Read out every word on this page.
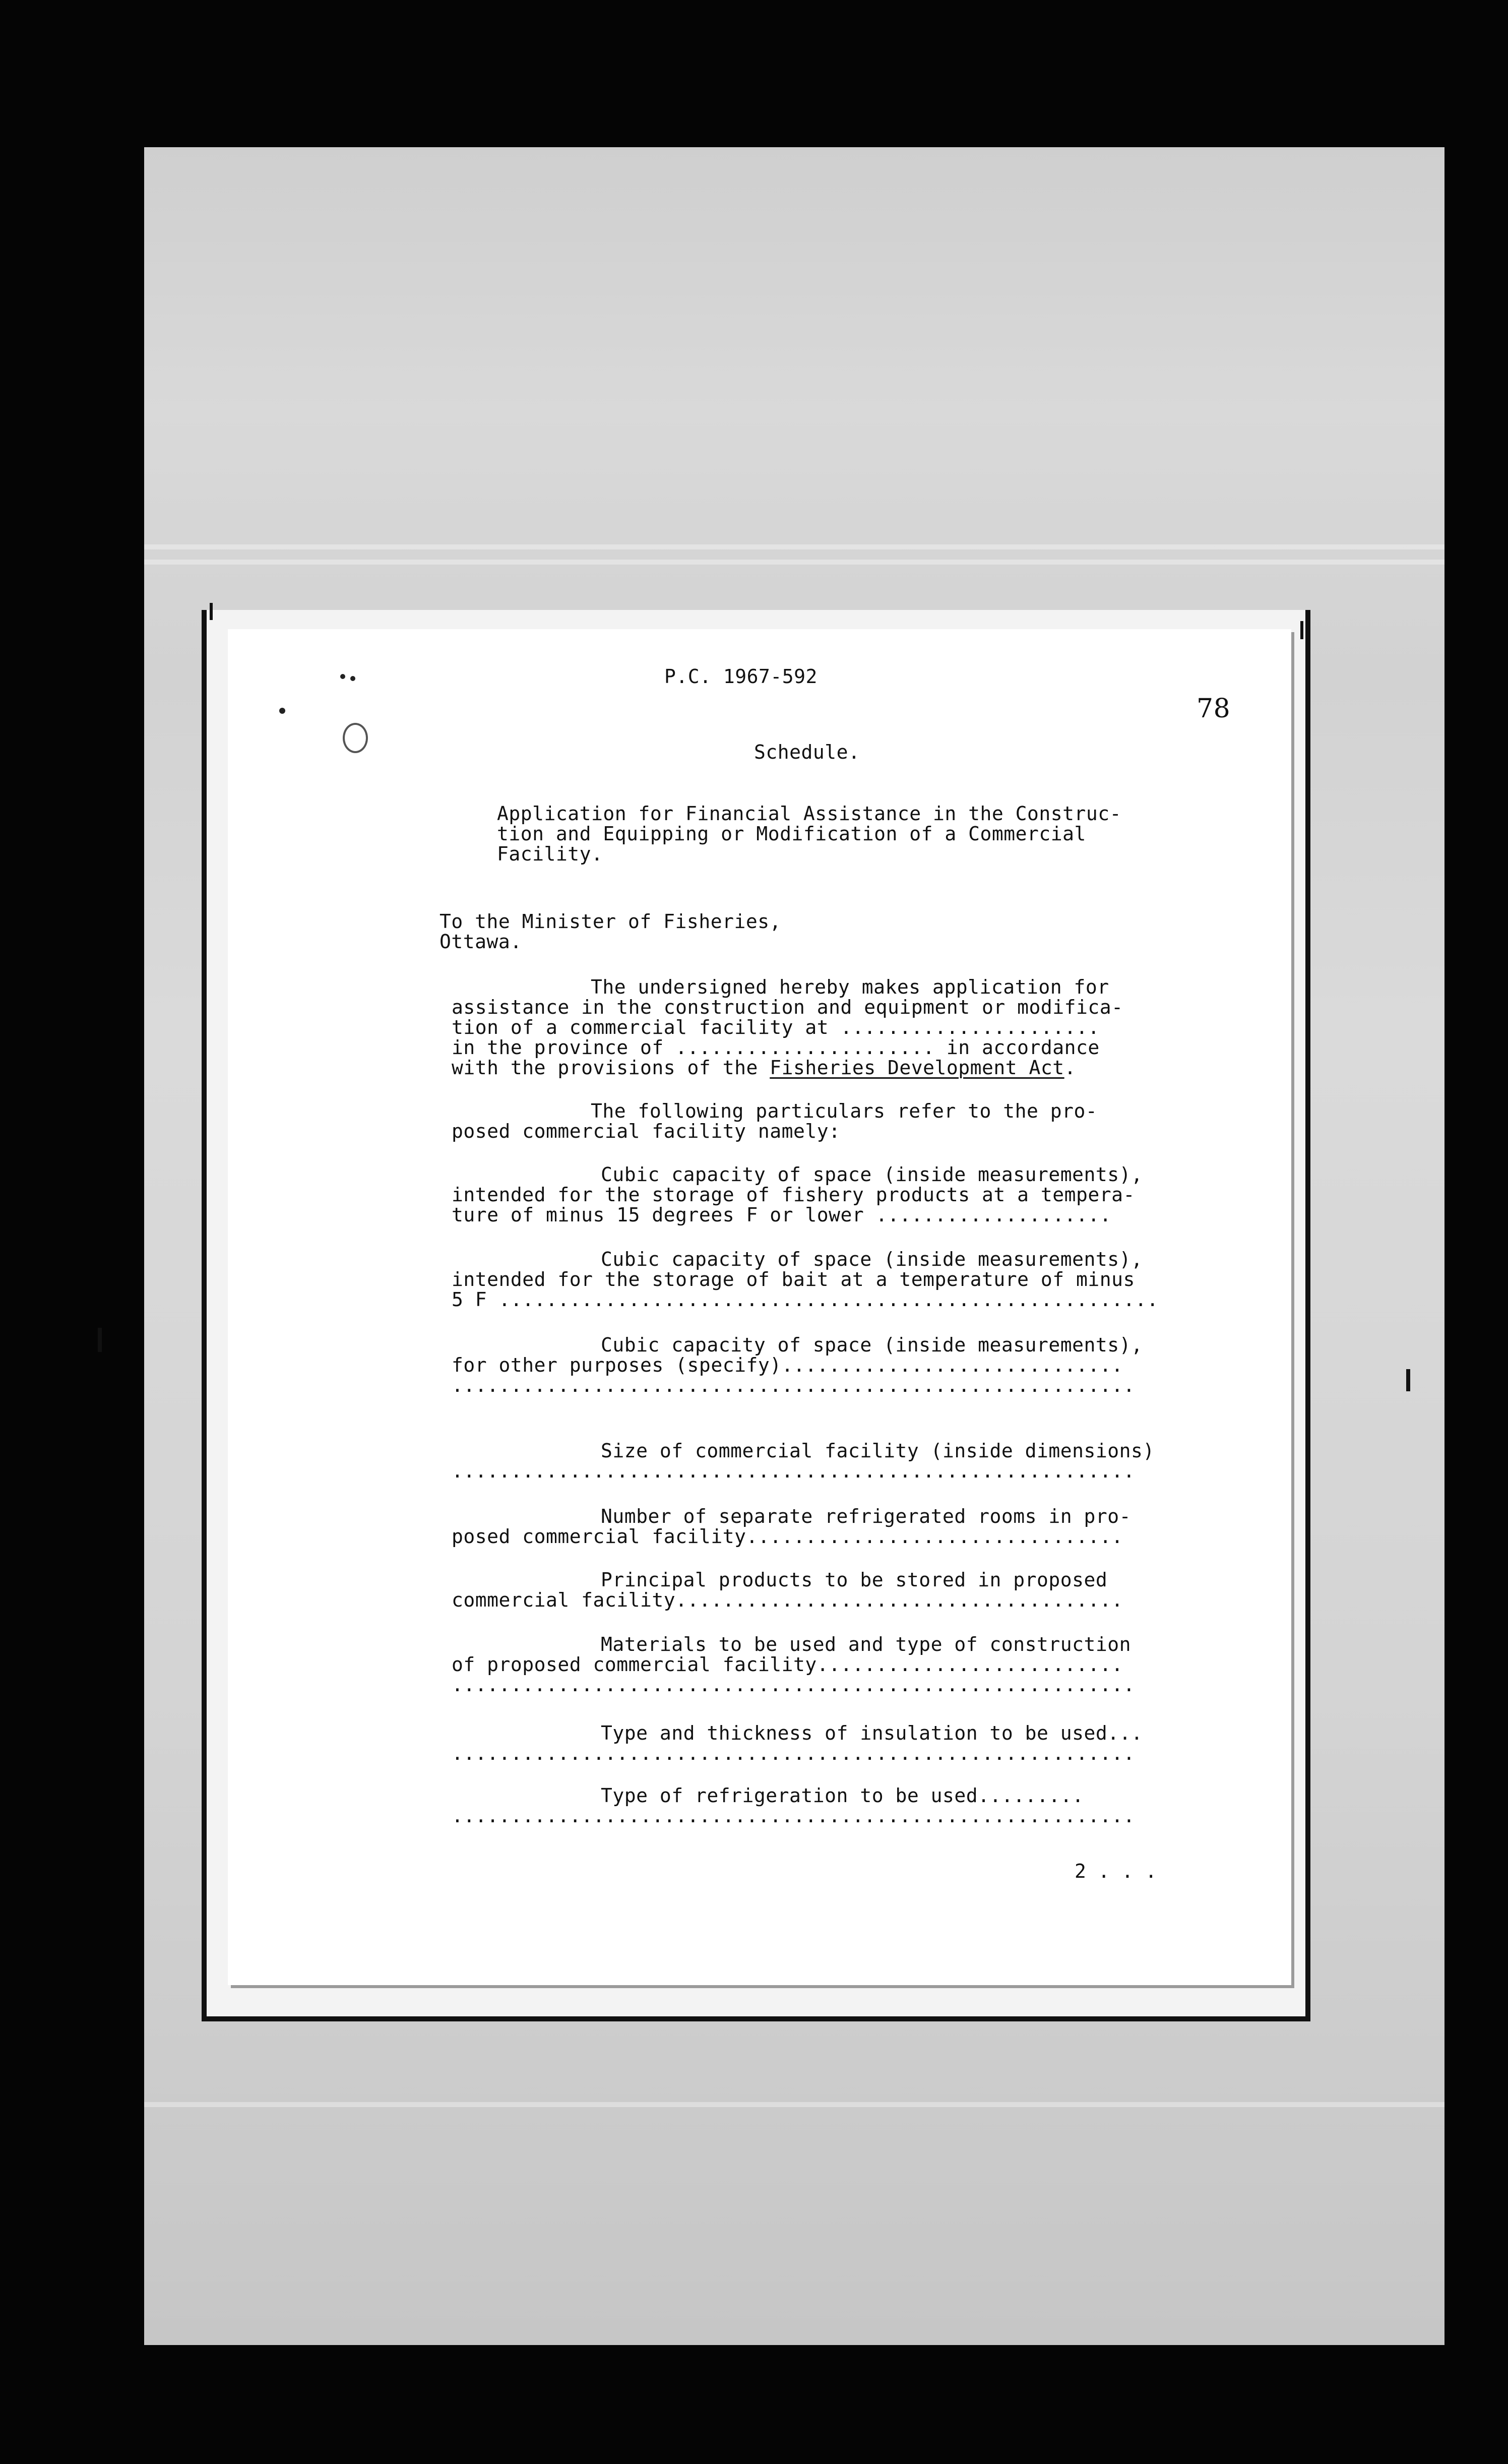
P.C. 1967-592
78
Schedule.
Application for Financial Assistance in the Construc-
tion and Equipping or Modification of a Commercial
Facility.
To the Minister of Fisheries,
Ottawa.
The undersigned hereby makes application for
assistance in the construction and equipment or modifica-
tion of a commercial facility at ......................
in the province of ...................... in accordance
with the provisions of the Fisheries Development Act.
The following particulars refer to the pro-
posed commercial facility namely:
Cubic capacity of space (inside measurements),
intended for the storage of fishery products at a tempera-
ture of minus 15 degrees F or lower ....................
Cubic capacity of space (inside measurements),
intended for the storage of bait at a temperature of minus
5 F ........................................................
Cubic capacity of space (inside measurements),
for other purposes (specify).............................
..........................................................
Size of commercial facility (inside dimensions)
..........................................................
Number of separate refrigerated rooms in pro-
posed commercial facility................................
Principal products to be stored in proposed
commercial facility......................................
Materials to be used and type of construction
of proposed commercial facility..........................
..........................................................
Type and thickness of insulation to be used...
..........................................................
Type of refrigeration to be used.........
..........................................................
2 . . .
